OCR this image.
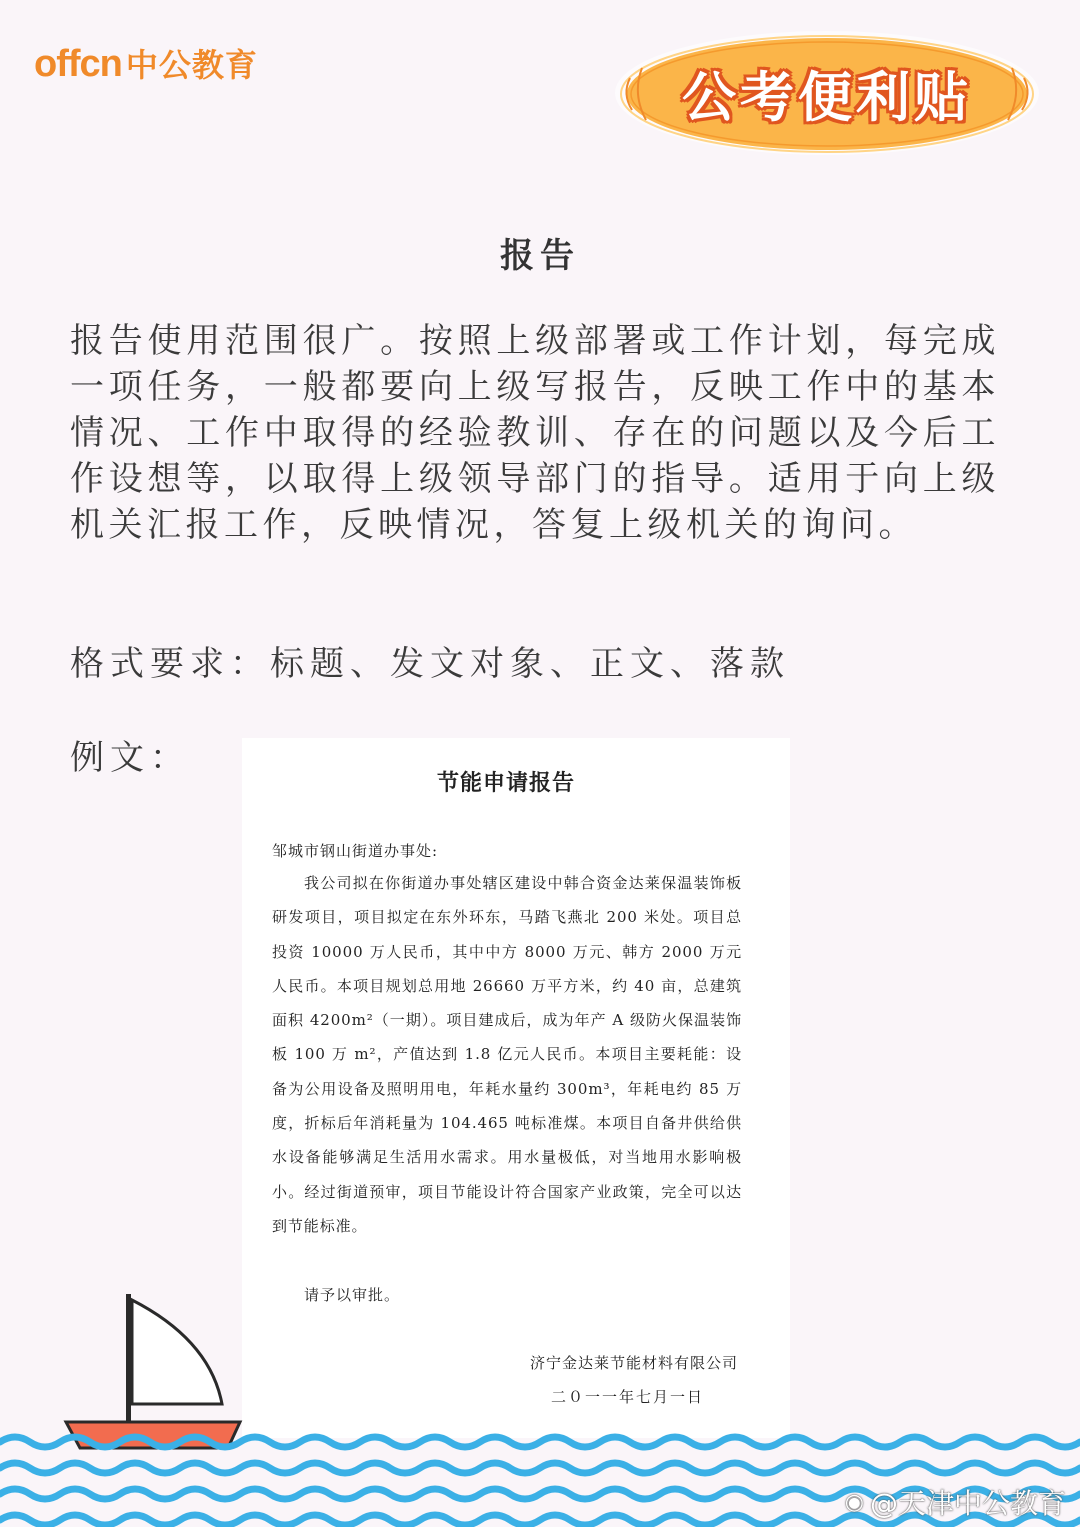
offcn 中公教育
公考便利贴
报告
报告使用范围很广。按照上级部署或工作计划，每完成一项任务，一般都要向上级写报告，反映工作中的基本情况、工作中取得的经验教训、存在的问题以及今后工作设想等，以取得上级领导部门的指导。适用于向上级机关汇报工作，反映情况，答复上级机关的询问。
格式要求：标题、发文对象、正文、落款
例文：
节能申请报告
邹城市钢山街道办事处:
我公司拟在你街道办事处辖区建设中韩合资金达莱保温装饰板研发项目，项目拟定在东外环东，马踏飞燕北 200 米处。项目总投资 10000 万人民币，其中中方 8000 万元、韩方 2000 万元人民币。本项目规划总用地 26660 万平方米，约 40 亩，总建筑面积 4200m²（一期）。项目建成后，成为年产 A 级防火保温装饰板 100 万 m²，产值达到 1.8 亿元人民币。本项目主要耗能：设备为公用设备及照明用电，年耗水量约 300m³，年耗电约 85 万度，折标后年消耗量为 104.465 吨标准煤。本项目自备井供给供水设备能够满足生活用水需求。用水量极低，对当地用水影响极小。经过街道预审，项目节能设计符合国家产业政策，完全可以达到节能标准。
请予以审批。
济宁金达莱节能材料有限公司
二０一一年七月一日
◉ @天津中公教育
